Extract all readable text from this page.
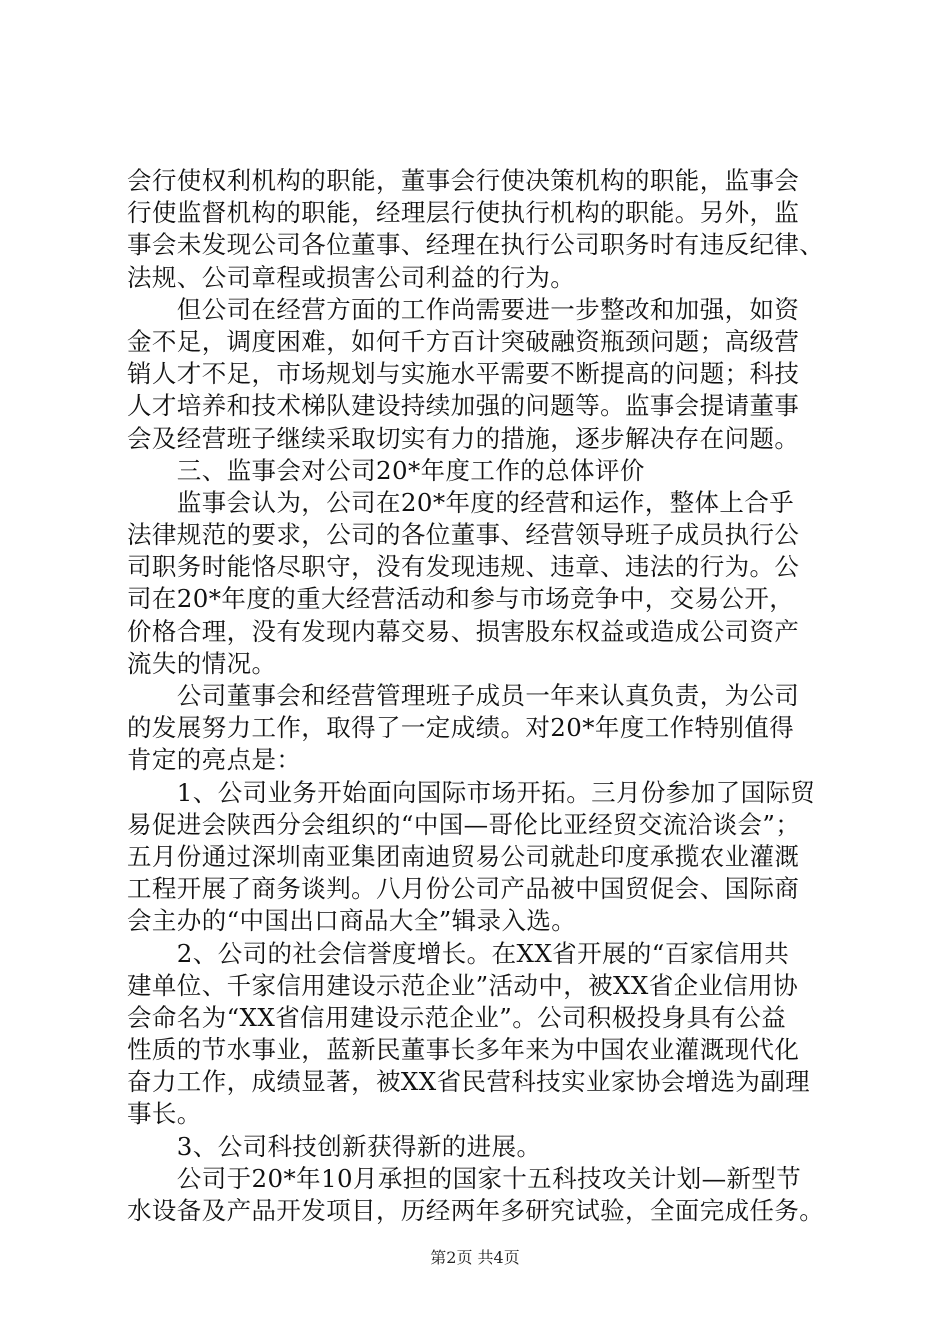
会行使权利机构的职能，董事会行使决策机构的职能，监事会
行使监督机构的职能，经理层行使执行机构的职能。另外，监
事会未发现公司各位董事、经理在执行公司职务时有违反纪律、
法规、公司章程或损害公司利益的行为。
　　但公司在经营方面的工作尚需要进一步整改和加强，如资
金不足，调度困难，如何千方百计突破融资瓶颈问题；高级营
销人才不足，市场规划与实施水平需要不断提高的问题；科技
人才培养和技术梯队建设持续加强的问题等。监事会提请董事
会及经营班子继续采取切实有力的措施，逐步解决存在问题。
　　三、监事会对公司20*年度工作的总体评价
　　监事会认为，公司在20*年度的经营和运作，整体上合乎
法律规范的要求，公司的各位董事、经营领导班子成员执行公
司职务时能恪尽职守，没有发现违规、违章、违法的行为。公
司在20*年度的重大经营活动和参与市场竞争中，交易公开，
价格合理，没有发现内幕交易、损害股东权益或造成公司资产
流失的情况。
　　公司董事会和经营管理班子成员一年来认真负责，为公司
的发展努力工作，取得了一定成绩。对20*年度工作特别值得
肯定的亮点是：
　　1、公司业务开始面向国际市场开拓。三月份参加了国际贸
易促进会陕西分会组织的“中国—哥伦比亚经贸交流洽谈会”；
五月份通过深圳南亚集团南迪贸易公司就赴印度承揽农业灌溉
工程开展了商务谈判。八月份公司产品被中国贸促会、国际商
会主办的“中国出口商品大全”辑录入选。
　　2、公司的社会信誉度增长。在XX省开展的“百家信用共
建单位、千家信用建设示范企业”活动中，被XX省企业信用协
会命名为“XX省信用建设示范企业”。公司积极投身具有公益
性质的节水事业，蓝新民董事长多年来为中国农业灌溉现代化
奋力工作，成绩显著，被XX省民营科技实业家协会增选为副理
事长。
　　3、公司科技创新获得新的进展。
　　公司于20*年10月承担的国家十五科技攻关计划—新型节
水设备及产品开发项目，历经两年多研究试验，全面完成任务。
第2页 共4页
